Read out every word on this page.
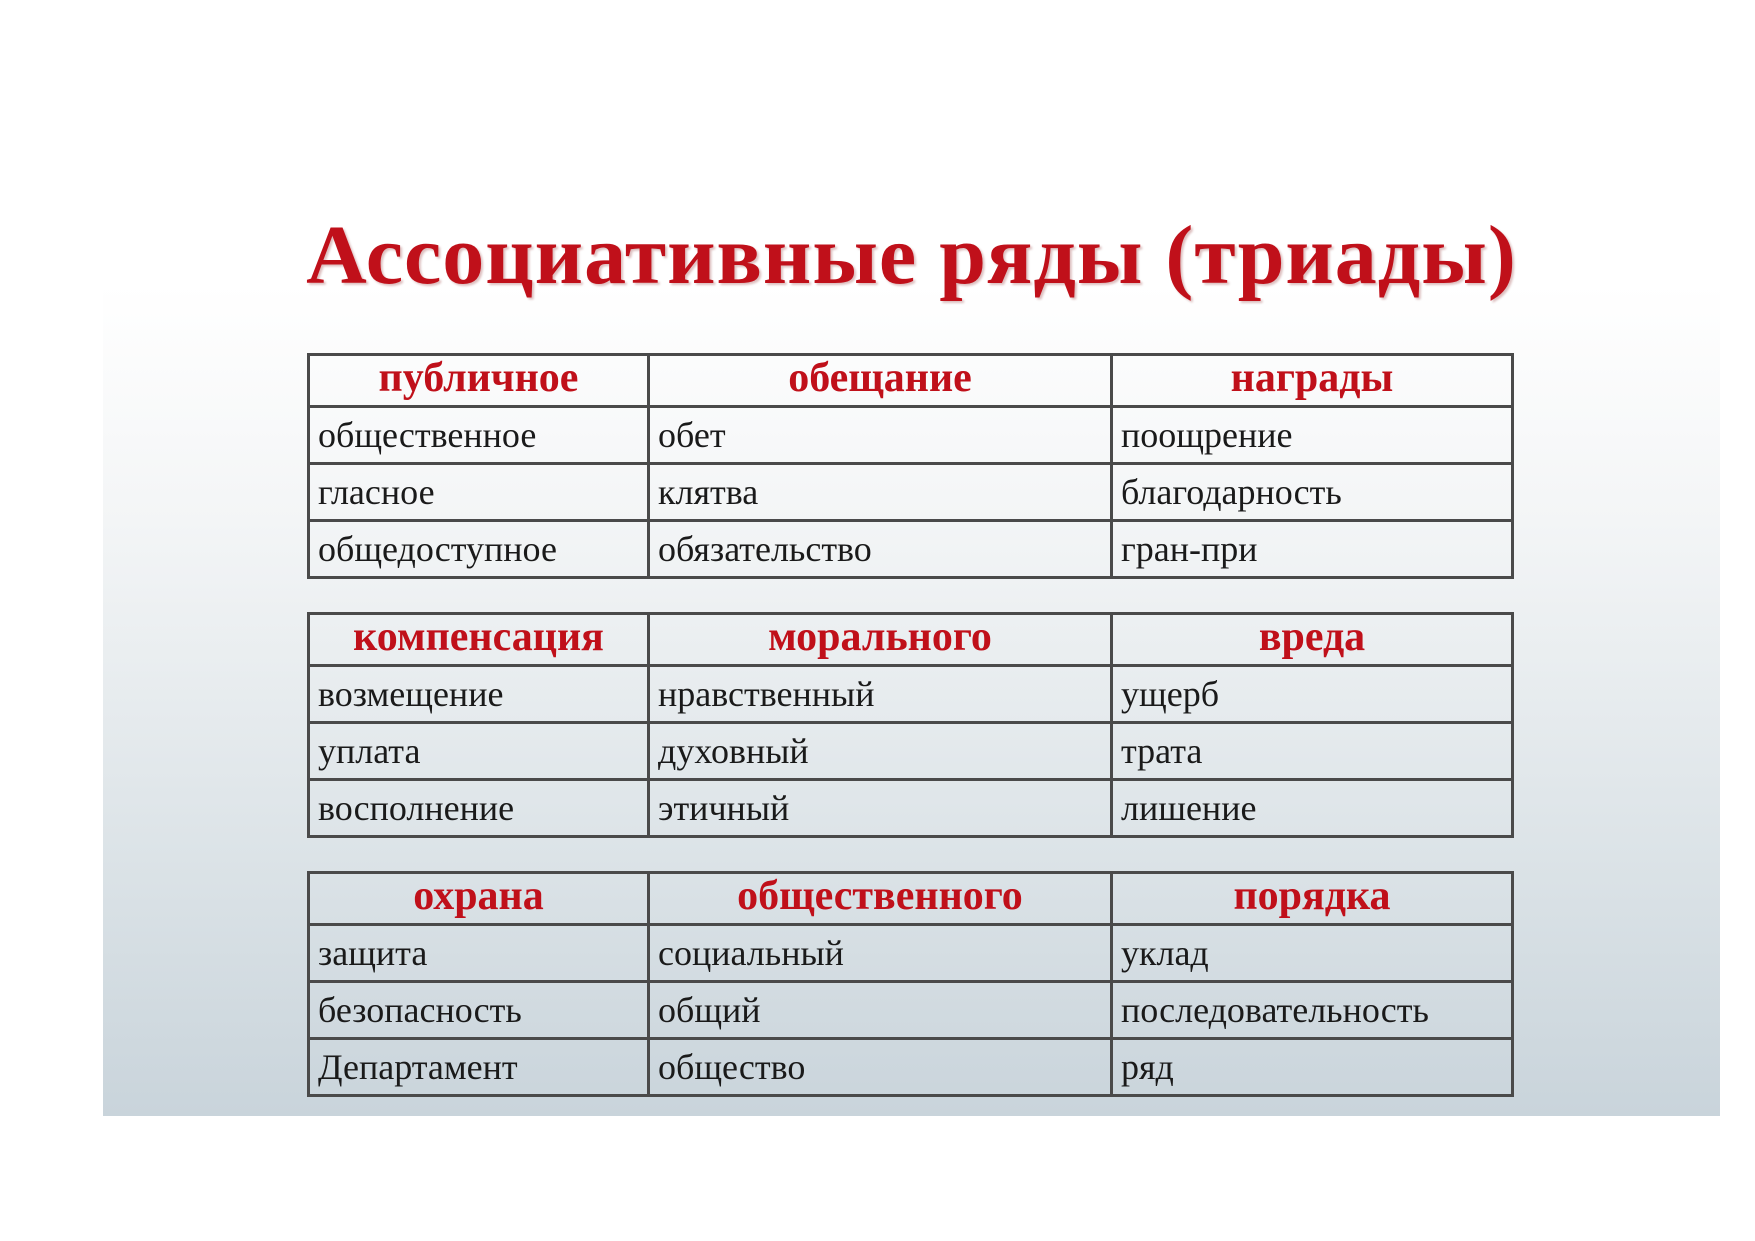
Ассоциативные ряды (триады)
публичное	обещание	награды
общественное	обет	поощрение
гласное	клятва	благодарность
общедоступное	обязательство	гран-при
компенсация	морального	вреда
возмещение	нравственный	ущерб
уплата	духовный	трата
восполнение	этичный	лишение
охрана	общественного	порядка
защита	социальный	уклад
безопасность	общий	последовательность
Департамент	общество	ряд
